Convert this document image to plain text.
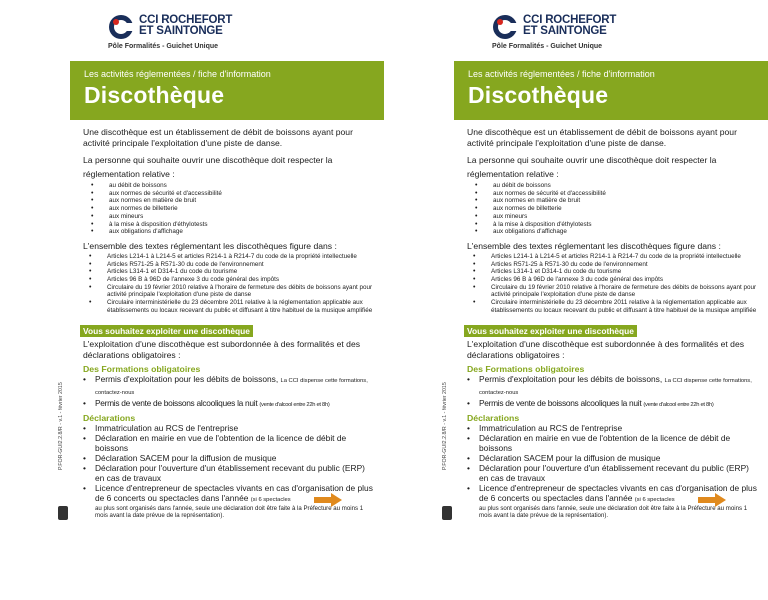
CCI ROCHEFORT
ET SAINTONGE
Pôle Formalités - Guichet Unique
Les activités réglementées / fiche d'information
Discothèque

Une discothèque est un établissement de débit de boissons ayant pour activité principale l'exploitation d'une piste de danse.

La personne qui souhaite ouvrir une discothèque doit respecter la

réglementation relative :

• au débit de boissons
• aux normes de sécurité et d'accessibilité
• aux normes en matière de bruit
• aux normes de billetterie
• aux mineurs
• à la mise à disposition d'éthylotests
• aux obligations d'affichage

L'ensemble des textes réglementant les discothèques figure dans :

• Articles L214-1 à L214-5 et articles R214-1 à R214-7 du code de la propriété intellectuelle
• Articles R571-25 à R571-30 du code de l'environnement
• Articles L314-1 et D314-1 du code du tourisme
• Articles 96 B à 96D de l'annexe 3 du code général des impôts
• Circulaire du 19 février 2010 relative à l'horaire de fermeture des débits de boissons ayant pour activité principale l'exploitation d'une piste de danse
• Circulaire interministérielle du 23 décembre 2011 relative à la réglementation applicable aux établissements ou locaux recevant du public et diffusant à titre habituel de la musique amplifiée
Vous souhaitez exploiter une discothèque

L'exploitation d'une discothèque est subordonnée à des formalités et des déclarations obligatoires :

Des Formations obligatoires
• Permis d'exploitation pour les débits de boissons, La CCI dispense cette formations, contactez-nous
• Permis de vente de boissons alcooliques la nuit (vente d'alcool entre 22h et 8h)
Déclarations
• Immatriculation au RCS de l'entreprise
• Déclaration en mairie en vue de l'obtention de la licence de débit de boissons
• Déclaration SACEM pour la diffusion de musique
• Déclaration pour l'ouverture d'un établissement recevant du public (ERP) en cas de travaux
• Licence d'entrepreneur de spectacles vivants en cas d'organisation de plus de 6 concerts ou spectacles dans l'année (si 6 spectacles
au plus sont organisés dans l'année, seule une déclaration doit être faite à la Préfecture au moins 1 mois avant la date prévue de la représentation).
P.FOR-GUI2.2.8/R - v.1 - février 2015
CCI ROCHEFORT
ET SAINTONGE
Pôle Formalités - Guichet Unique
Les activités réglementées / fiche d'information
Discothèque

Une discothèque est un établissement de débit de boissons ayant pour activité principale l'exploitation d'une piste de danse.

La personne qui souhaite ouvrir une discothèque doit respecter la

réglementation relative :

• au débit de boissons
• aux normes de sécurité et d'accessibilité
• aux normes en matière de bruit
• aux normes de billetterie
• aux mineurs
• à la mise à disposition d'éthylotests
• aux obligations d'affichage

L'ensemble des textes réglementant les discothèques figure dans :

• Articles L214-1 à L214-5 et articles R214-1 à R214-7 du code de la propriété intellectuelle
• Articles R571-25 à R571-30 du code de l'environnement
• Articles L314-1 et D314-1 du code du tourisme
• Articles 96 B à 96D de l'annexe 3 du code général des impôts
• Circulaire du 19 février 2010 relative à l'horaire de fermeture des débits de boissons ayant pour activité principale l'exploitation d'une piste de danse
• Circulaire interministérielle du 23 décembre 2011 relative à la réglementation applicable aux établissements ou locaux recevant du public et diffusant à titre habituel de la musique amplifiée
Vous souhaitez exploiter une discothèque

L'exploitation d'une discothèque est subordonnée à des formalités et des déclarations obligatoires :

Des Formations obligatoires
• Permis d'exploitation pour les débits de boissons, La CCI dispense cette formations, contactez-nous
• Permis de vente de boissons alcooliques la nuit (vente d'alcool entre 22h et 8h)
Déclarations
• Immatriculation au RCS de l'entreprise
• Déclaration en mairie en vue de l'obtention de la licence de débit de boissons
• Déclaration SACEM pour la diffusion de musique
• Déclaration pour l'ouverture d'un établissement recevant du public (ERP) en cas de travaux
• Licence d'entrepreneur de spectacles vivants en cas d'organisation de plus de 6 concerts ou spectacles dans l'année (si 6 spectacles
au plus sont organisés dans l'année, seule une déclaration doit être faite à la Préfecture au moins 1 mois avant la date prévue de la représentation).
P.FOR-GUI2.2.8/R - v.1 - février 2015
